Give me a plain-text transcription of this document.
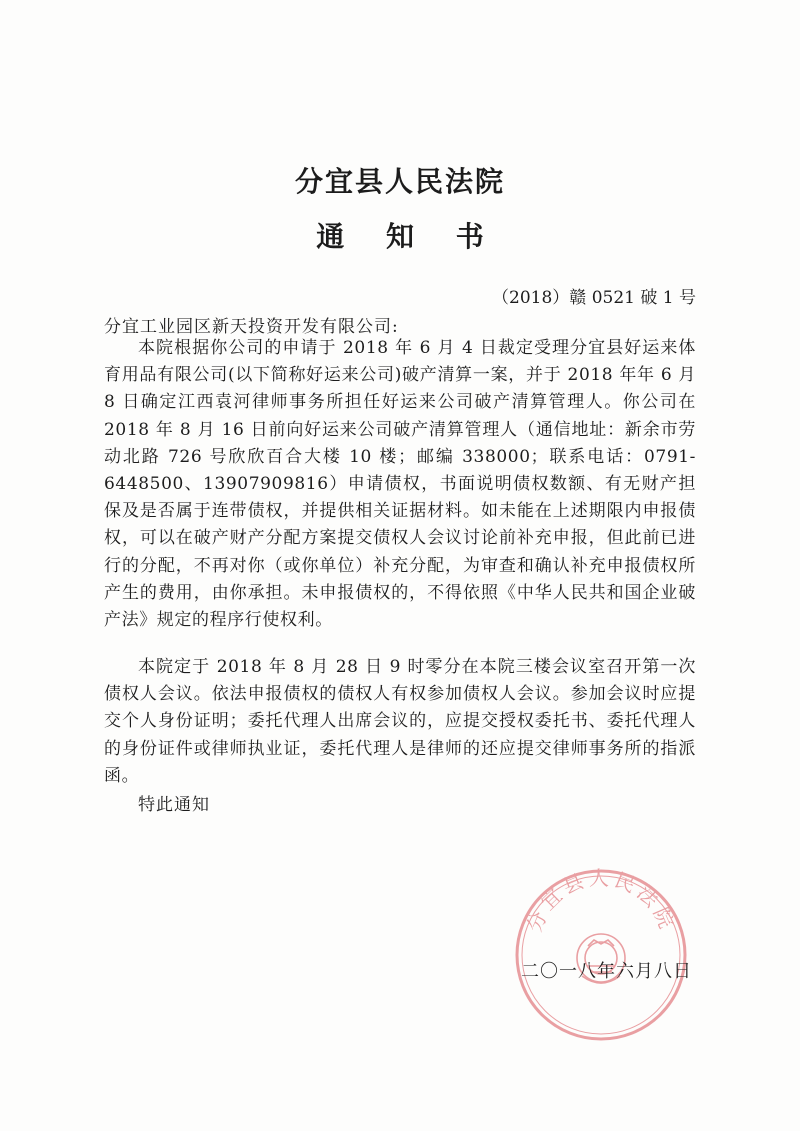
分宜县人民法院
通 知 书
（2018）赣 0521 破 1 号
分宜工业园区新天投资开发有限公司:

本院根据你公司的申请于 2018 年 6 月 4 日裁定受理分宜县好运来体育用品有限公司(以下简称好运来公司)破产清算一案，并于 2018 年年 6 月 8 日确定江西袁河律师事务所担任好运来公司破产清算管理人。你公司在 2018 年 8 月 16 日前向好运来公司破产清算管理人（通信地址：新余市劳动北路 726 号欣欣百合大楼 10 楼；邮编 338000；联系电话：0791-6448500、13907909816）申请债权，书面说明债权数额、有无财产担保及是否属于连带债权，并提供相关证据材料。如未能在上述期限内申报债权，可以在破产财产分配方案提交债权人会议讨论前补充申报，但此前已进行的分配，不再对你（或你单位）补充分配，为审查和确认补充申报债权所产生的费用，由你承担。未申报债权的，不得依照《中华人民共和国企业破产法》规定的程序行使权利。

本院定于 2018 年 8 月 28 日 9 时零分在本院三楼会议室召开第一次债权人会议。依法申报债权的债权人有权参加债权人会议。参加会议时应提交个人身份证明；委托代理人出席会议的，应提交授权委托书、委托代理人的身份证件或律师执业证，委托代理人是律师的还应提交律师事务所的指派函。

特此通知
分宜县人民法院
二〇一八年六月八日
